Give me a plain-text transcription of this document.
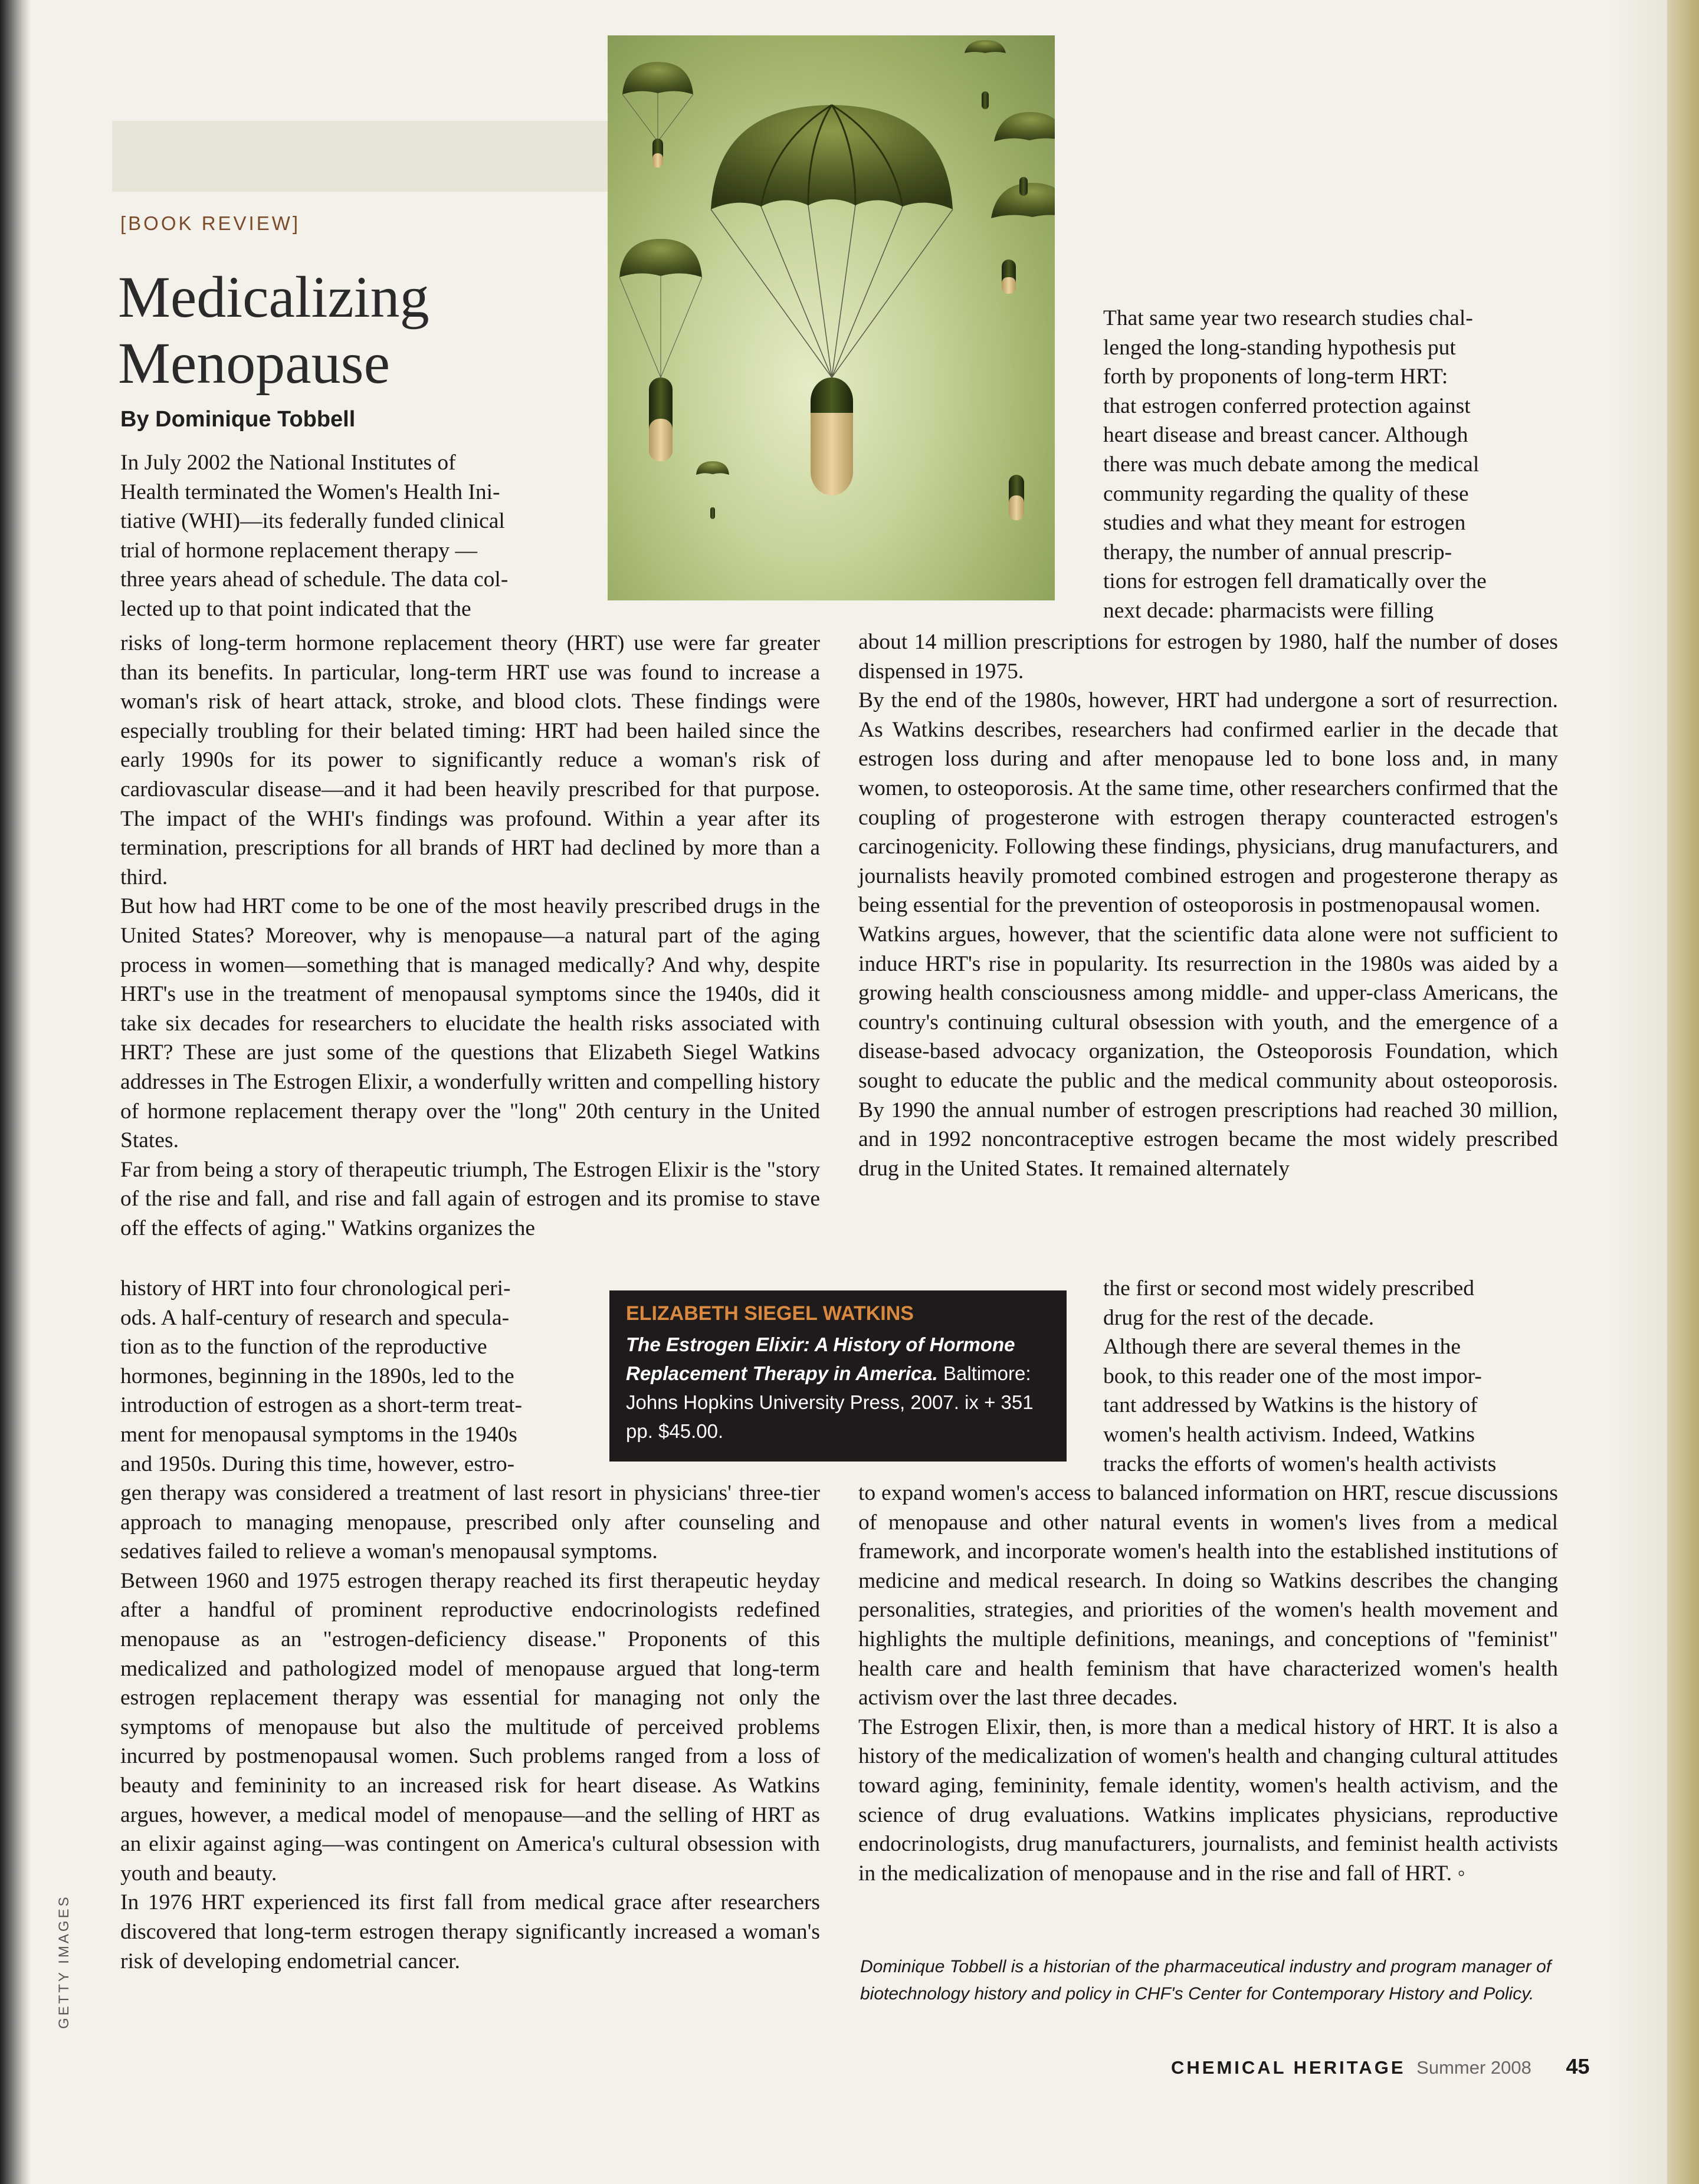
[BOOK REVIEW]
Medicalizing
Menopause
By Dominique Tobbell
In July 2002 the National Institutes of
Health terminated the Women's Health Ini-
tiative (WHI)—its federally funded clinical
trial of hormone replacement therapy —
three years ahead of schedule. The data col-
lected up to that point indicated that the
risks of long-term hormone replacement theory (HRT) use were far greater than its benefits. In particular, long-term HRT use was found to increase a woman's risk of heart attack, stroke, and blood clots. These findings were especially troubling for their belated timing: HRT had been hailed since the early 1990s for its power to significantly reduce a woman's risk of cardiovascular disease—and it had been heavily prescribed for that purpose. The impact of the WHI's findings was profound. Within a year after its termination, prescriptions for all brands of HRT had declined by more than a third.
But how had HRT come to be one of the most heavily prescribed drugs in the United States? Moreover, why is menopause—a natural part of the aging process in women—something that is managed medically? And why, despite HRT's use in the treatment of menopausal symptoms since the 1940s, did it take six decades for researchers to elucidate the health risks associated with HRT? These are just some of the questions that Elizabeth Siegel Watkins addresses in The Estrogen Elixir, a wonderfully written and compelling history of hormone replacement therapy over the "long" 20th century in the United States.
Far from being a story of therapeutic triumph, The Estrogen Elixir is the "story of the rise and fall, and rise and fall again of estrogen and its promise to stave off the effects of aging." Watkins organizes the
history of HRT into four chronological peri-
ods. A half-century of research and specula-
tion as to the function of the reproductive
hormones, beginning in the 1890s, led to the
introduction of estrogen as a short-term treat-
ment for menopausal symptoms in the 1940s
and 1950s. During this time, however, estro-
gen therapy was considered a treatment of last resort in physicians' three-tier approach to managing menopause, prescribed only after counseling and sedatives failed to relieve a woman's menopausal symptoms.
Between 1960 and 1975 estrogen therapy reached its first therapeutic heyday after a handful of prominent reproductive endocrinologists redefined menopause as an "estrogen-deficiency disease." Proponents of this medicalized and pathologized model of menopause argued that long-term estrogen replacement therapy was essential for managing not only the symptoms of menopause but also the multitude of perceived problems incurred by postmenopausal women. Such problems ranged from a loss of beauty and femininity to an increased risk for heart disease. As Watkins argues, however, a medical model of menopause—and the selling of HRT as an elixir against aging—was contingent on America's cultural obsession with youth and beauty.
In 1976 HRT experienced its first fall from medical grace after researchers discovered that long-term estrogen therapy significantly increased a woman's risk of developing endometrial cancer.
That same year two research studies chal-
lenged the long-standing hypothesis put
forth by proponents of long-term HRT:
that estrogen conferred protection against
heart disease and breast cancer. Although
there was much debate among the medical
community regarding the quality of these
studies and what they meant for estrogen
therapy, the number of annual prescrip-
tions for estrogen fell dramatically over the
next decade: pharmacists were filling
about 14 million prescriptions for estrogen by 1980, half the number of doses dispensed in 1975.
By the end of the 1980s, however, HRT had undergone a sort of resurrection. As Watkins describes, researchers had confirmed earlier in the decade that estrogen loss during and after menopause led to bone loss and, in many women, to osteoporosis. At the same time, other researchers confirmed that the coupling of progesterone with estrogen therapy counteracted estrogen's carcinogenicity. Following these findings, physicians, drug manufacturers, and journalists heavily promoted combined estrogen and progesterone therapy as being essential for the prevention of osteoporosis in postmenopausal women.
Watkins argues, however, that the scientific data alone were not sufficient to induce HRT's rise in popularity. Its resurrection in the 1980s was aided by a growing health consciousness among middle- and upper-class Americans, the country's continuing cultural obsession with youth, and the emergence of a disease-based advocacy organization, the Osteoporosis Foundation, which sought to educate the public and the medical community about osteoporosis. By 1990 the annual number of estrogen prescriptions had reached 30 million, and in 1992 noncontraceptive estrogen became the most widely prescribed drug in the United States. It remained alternately
the first or second most widely prescribed
drug for the rest of the decade.
Although there are several themes in the
book, to this reader one of the most impor-
tant addressed by Watkins is the history of
women's health activism. Indeed, Watkins
tracks the efforts of women's health activists
to expand women's access to balanced information on HRT, rescue discussions of menopause and other natural events in women's lives from a medical framework, and incorporate women's health into the established institutions of medicine and medical research. In doing so Watkins describes the changing personalities, strategies, and priorities of the women's health movement and highlights the multiple definitions, meanings, and conceptions of "feminist" health care and health feminism that have characterized women's health activism over the last three decades.
The Estrogen Elixir, then, is more than a medical history of HRT. It is also a history of the medicalization of women's health and changing cultural attitudes toward aging, femininity, female identity, women's health activism, and the science of drug evaluations. Watkins implicates physicians, reproductive endocrinologists, drug manufacturers, journalists, and feminist health activists in the medicalization of menopause and in the rise and fall of HRT. ◦
ELIZABETH SIEGEL WATKINS
The Estrogen Elixir: A History of Hormone Replacement Therapy in America. Baltimore: Johns Hopkins University Press, 2007. ix + 351 pp. $45.00.
Dominique Tobbell is a historian of the pharmaceutical industry and program manager of biotechnology history and policy in CHF's Center for Contemporary History and Policy.
GETTY IMAGES
CHEMICAL HERITAGE Summer 2008 45
